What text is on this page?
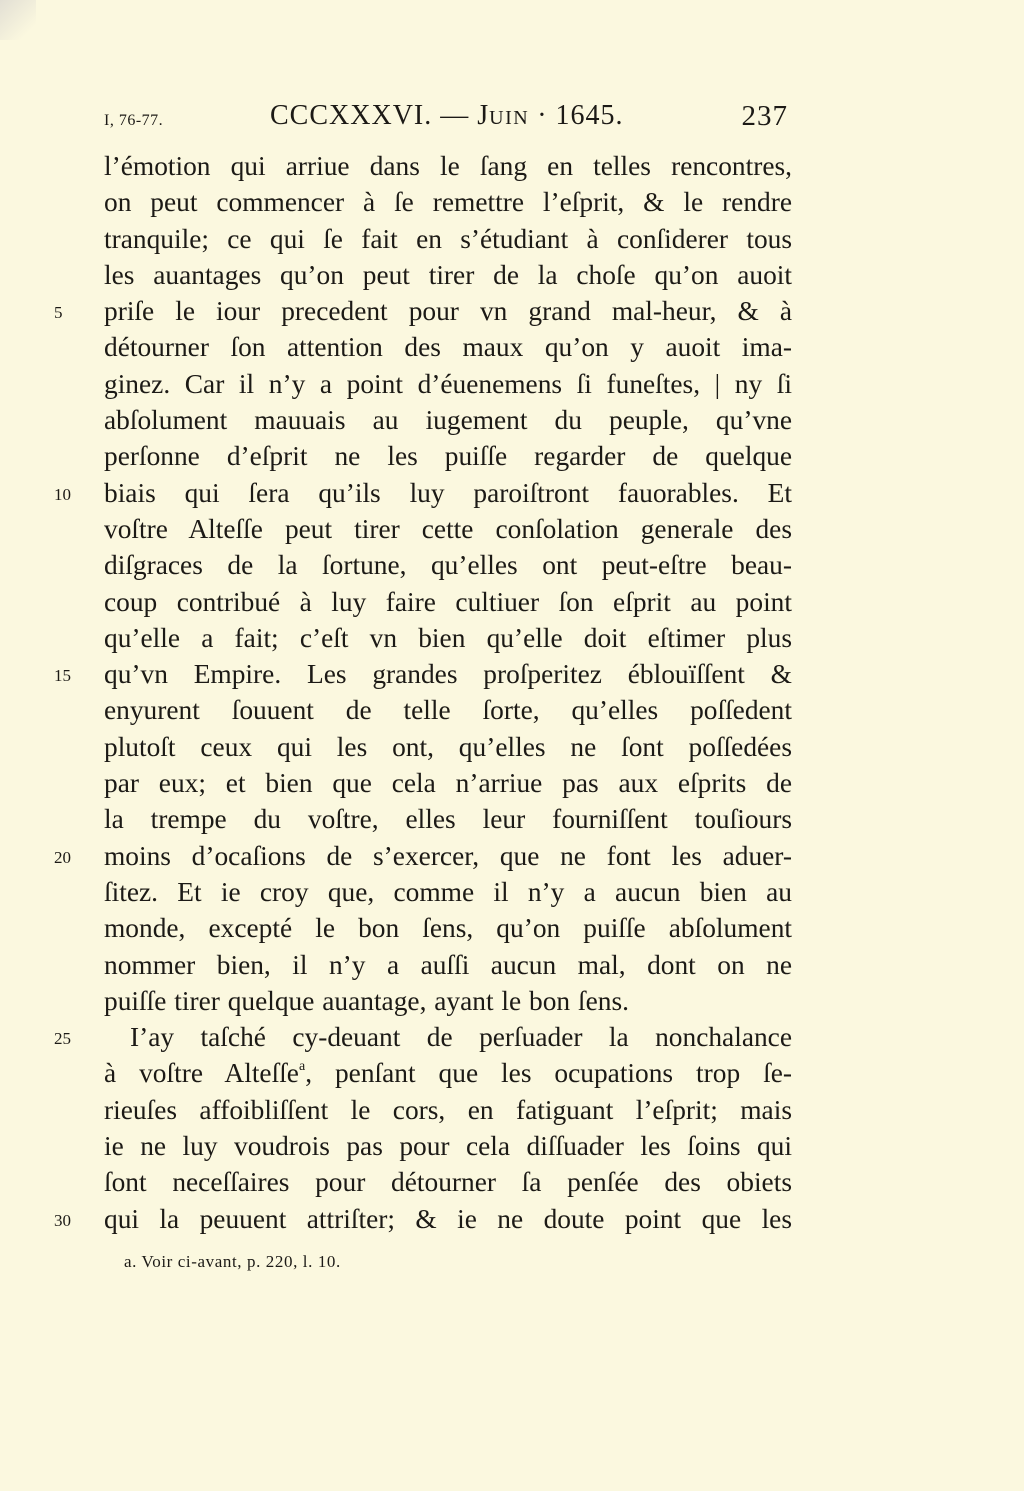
I, 76-77.	CCCXXXVI. — JUIN · 1645.	237
l’émotion qui arriue dans le ſang en telles rencontres,
on peut commencer à ſe remettre l’eſprit, & le rendre
tranquile; ce qui ſe fait en s’étudiant à conſiderer tous
les auantages qu’on peut tirer de la choſe qu’on auoit
5	priſe le iour precedent pour vn grand mal-heur, & à
détourner ſon attention des maux qu’on y auoit ima-
ginez. Car il n’y a point d’éuenemens ſi funeſtes, | ny ſi
abſolument mauuais au iugement du peuple, qu’vne
perſonne d’eſprit ne les puiſſe regarder de quelque
10	biais qui ſera qu’ils luy paroiſtront fauorables. Et
voſtre Alteſſe peut tirer cette conſolation generale des
diſgraces de la ſortune, qu’elles ont peut-eſtre beau-
coup contribué à luy faire cultiuer ſon eſprit au point
qu’elle a fait; c’eſt vn bien qu’elle doit eſtimer plus
15	qu’vn Empire. Les grandes proſperitez éblouïſſent &
enyurent ſouuent de telle ſorte, qu’elles poſſedent
plutoſt ceux qui les ont, qu’elles ne ſont poſſedées
par eux; et bien que cela n’arriue pas aux eſprits de
la trempe du voſtre, elles leur fourniſſent touſiours
20	moins d’ocaſions de s’exercer, que ne font les aduer-
ſitez. Et ie croy que, comme il n’y a aucun bien au
monde, excepté le bon ſens, qu’on puiſſe abſolument
nommer bien, il n’y a auſſi aucun mal, dont on ne
puiſſe tirer quelque auantage, ayant le bon ſens.
25	I’ay taſché cy-deuant de perſuader la nonchalance
à voſtre Alteſſe$^a$, penſant que les ocupations trop ſe-
rieuſes affoibliſſent le cors, en fatiguant l’eſprit; mais
ie ne luy voudrois pas pour cela diſſuader les ſoins qui
ſont neceſſaires pour détourner ſa penſée des obiets
30	qui la peuuent attriſter; & ie ne doute point que les
a. Voir ci-avant, p. 220, l. 10.
